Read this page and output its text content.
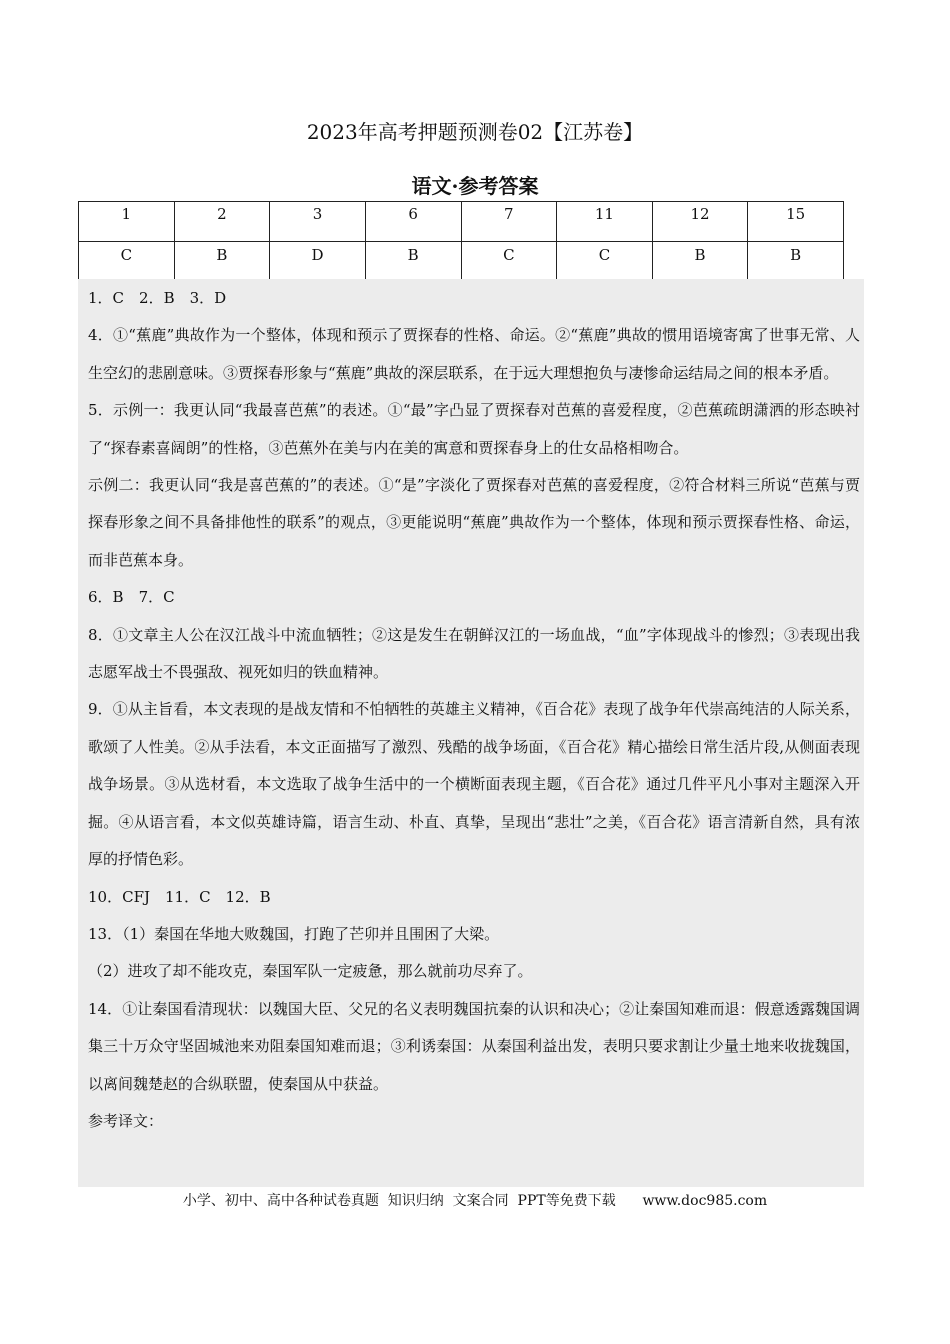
2023年高考押题预测卷02【江苏卷】
语文·参考答案
1	2	3	6	7	11	12	15
C	B	D	B	C	C	B	B

1．C　2．B　3．D

4．①“蕉鹿”典故作为一个整体，体现和预示了贾探春的性格、命运。②“蕉鹿”典故的惯用语境寄寓了世事无常、人生空幻的悲剧意味。③贾探春形象与“蕉鹿”典故的深层联系，在于远大理想抱负与凄惨命运结局之间的根本矛盾。

5．示例一：我更认同“我最喜芭蕉”的表述。①“最”字凸显了贾探春对芭蕉的喜爱程度，②芭蕉疏朗潇洒的形态映衬了“探春素喜阔朗”的性格，③芭蕉外在美与内在美的寓意和贾探春身上的仕女品格相吻合。

示例二：我更认同“我是喜芭蕉的”的表述。①“是”字淡化了贾探春对芭蕉的喜爱程度，②符合材料三所说“芭蕉与贾探春形象之间不具备排他性的联系”的观点，③更能说明“蕉鹿”典故作为一个整体，体现和预示贾探春性格、命运，而非芭蕉本身。

6．B　7．C

8．①文章主人公在汉江战斗中流血牺牲；②这是发生在朝鲜汉江的一场血战，“血”字体现战斗的惨烈；③表现出我志愿军战士不畏强敌、视死如归的铁血精神。

9．①从主旨看，本文表现的是战友情和不怕牺牲的英雄主义精神，《百合花》表现了战争年代崇高纯洁的人际关系，歌颂了人性美。②从手法看，本文正面描写了激烈、残酷的战争场面，《百合花》精心描绘日常生活片段,从侧面表现战争场景。③从选材看，本文选取了战争生活中的一个横断面表现主题，《百合花》通过几件平凡小事对主题深入开掘。④从语言看，本文似英雄诗篇，语言生动、朴直、真挚，呈现出“悲壮”之美，《百合花》语言清新自然，具有浓厚的抒情色彩。

10．CFJ　11．C　12．B

13．（1）秦国在华地大败魏国，打跑了芒卯并且围困了大梁。

（2）进攻了却不能攻克，秦国军队一定疲惫，那么就前功尽弃了。

14．①让秦国看清现状：以魏国大臣、父兄的名义表明魏国抗秦的认识和决心；②让秦国知难而退：假意透露魏国调集三十万众守坚固城池来劝阻秦国知难而退；③利诱秦国：从秦国利益出发，表明只要求割让少量土地来收拢魏国，以离间魏楚赵的合纵联盟，使秦国从中获益。

参考译文：

小学、初中、高中各种试卷真题  知识归纳  文案合同  PPT等免费下载      www.doc985.com
